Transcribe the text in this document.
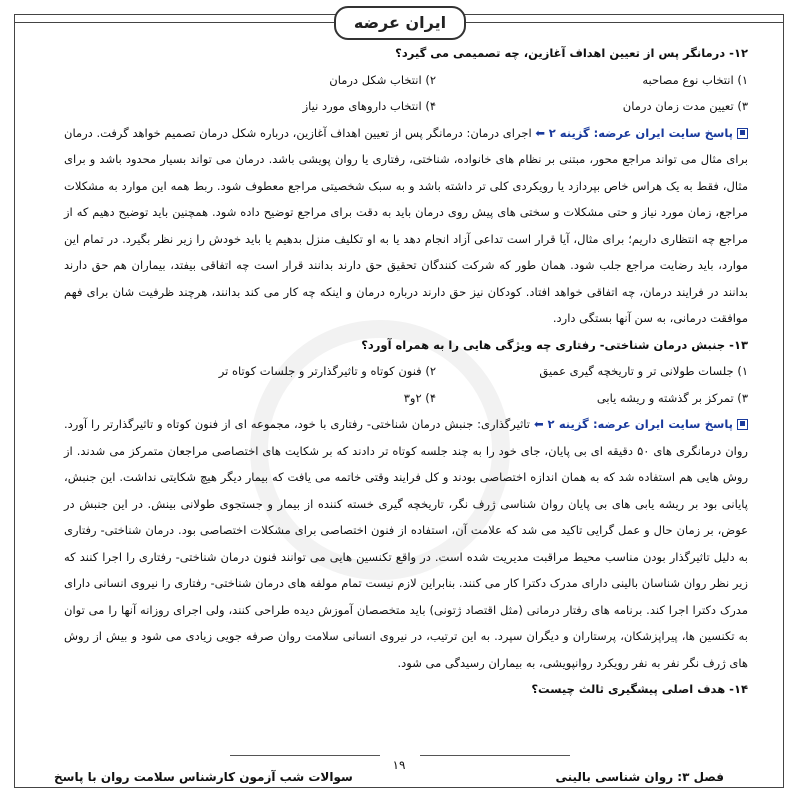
ایران عرضه
۱۲- درمانگر پس از تعیین اهداف آغازین، چه تصمیمی می گیرد؟
۱) انتخاب نوع مصاحبه
۲) انتخاب شکل درمان
۳) تعیین مدت زمان درمان
۴) انتخاب داروهای مورد نیاز
پاسخ سایت ایران عرضه: گزینه ۲ ⬅ اجرای درمان: درمانگر پس از تعیین اهداف آغازین، درباره شکل درمان تصمیم خواهد گرفت. درمان برای مثال می تواند مراجع محور، مبتنی بر نظام های خانواده، شناختی، رفتاری یا روان پویشی باشد. درمان می تواند بسیار محدود باشد و برای مثال، فقط به یک هراس خاص بپردازد یا رویکردی کلی تر داشته باشد و به سبک شخصیتی مراجع معطوف شود. ربط همه این موارد به مشکلات مراجع، زمان مورد نیاز و حتی مشکلات و سختی های پیش روی درمان باید به دقت برای مراجع توضیح داده شود. همچنین باید توضیح دهیم که از مراجع چه انتظاری داریم؛ برای مثال، آیا قرار است تداعی آزاد انجام دهد یا به او تکلیف منزل بدهیم یا باید خودش را زیر نظر بگیرد. در تمام این موارد، باید رضایت مراجع جلب شود. همان طور که شرکت کنندگان تحقیق حق دارند بدانند قرار است چه اتفاقی بیفتد، بیماران هم حق دارند بدانند در فرایند درمان، چه اتفاقی خواهد افتاد. کودکان نیز حق دارند درباره درمان و اینکه چه کار می کند بدانند، هرچند ظرفیت شان برای فهم موافقت درمانی، به سن آنها بستگی دارد.
۱۳- جنبش درمان شناختی- رفتاری چه ویژگی هایی را به همراه آورد؟
۱) جلسات طولانی تر و تاریخچه گیری عمیق
۲) فنون کوتاه و تاثیرگذارتر و جلسات کوتاه تر
۳) تمرکز بر گذشته و ریشه یابی
۴) ۲و۳
پاسخ سایت ایران عرضه: گزینه ۲ ⬅ تاثیرگذاری: جنبش درمان شناختی- رفتاری با خود، مجموعه ای از فنون کوتاه و تاثیرگذارتر را آورد. روان درمانگری های ۵۰ دقیقه ای بی پایان، جای خود را به چند جلسه کوتاه تر دادند که بر شکایت های اختصاصی مراجعان متمرکز می شدند. از روش هایی هم استفاده شد که به همان اندازه اختصاصی بودند و کل فرایند وقتی خاتمه می یافت که بیمار دیگر هیچ شکایتی نداشت. این جنبش، پایانی بود بر ریشه یابی های بی پایان روان شناسی ژرف نگر، تاریخچه گیری خسته کننده از بیمار و جستجوی طولانی بینش. در این جنبش در عوض، بر زمان حال و عمل گرایی تاکید می شد که علامت آن، استفاده از فنون اختصاصی برای مشکلات اختصاصی بود. درمان شناختی- رفتاری به دلیل تاثیرگذار بودن مناسب محیط مراقبت مدیریت شده است. در واقع تکنسین هایی می توانند فنون درمان شناختی- رفتاری را اجرا کنند که زیر نظر روان شناسان بالینی دارای مدرک دکترا کار می کنند. بنابراین لازم نیست تمام مولفه های درمان شناختی- رفتاری را نیروی انسانی دارای مدرک دکترا اجرا کند. برنامه های رفتار درمانی (مثل اقتصاد ژتونی) باید متخصصان آموزش دیده طراحی کنند، ولی اجرای روزانه آنها را می توان به تکنسین ها، پیراپزشکان، پرستاران و دیگران سپرد. به این ترتیب، در نیروی انسانی سلامت روان صرفه جویی زیادی می شود و بیش از روش های ژرف نگر نفر به نفر رویکرد روانپویشی، به بیماران رسیدگی می شود.
۱۴- هدف اصلی پیشگیری ثالث چیست؟
۱۹
فصل ۳: روان شناسی بالینی
سوالات شب آزمون کارشناس سلامت روان با پاسخ
